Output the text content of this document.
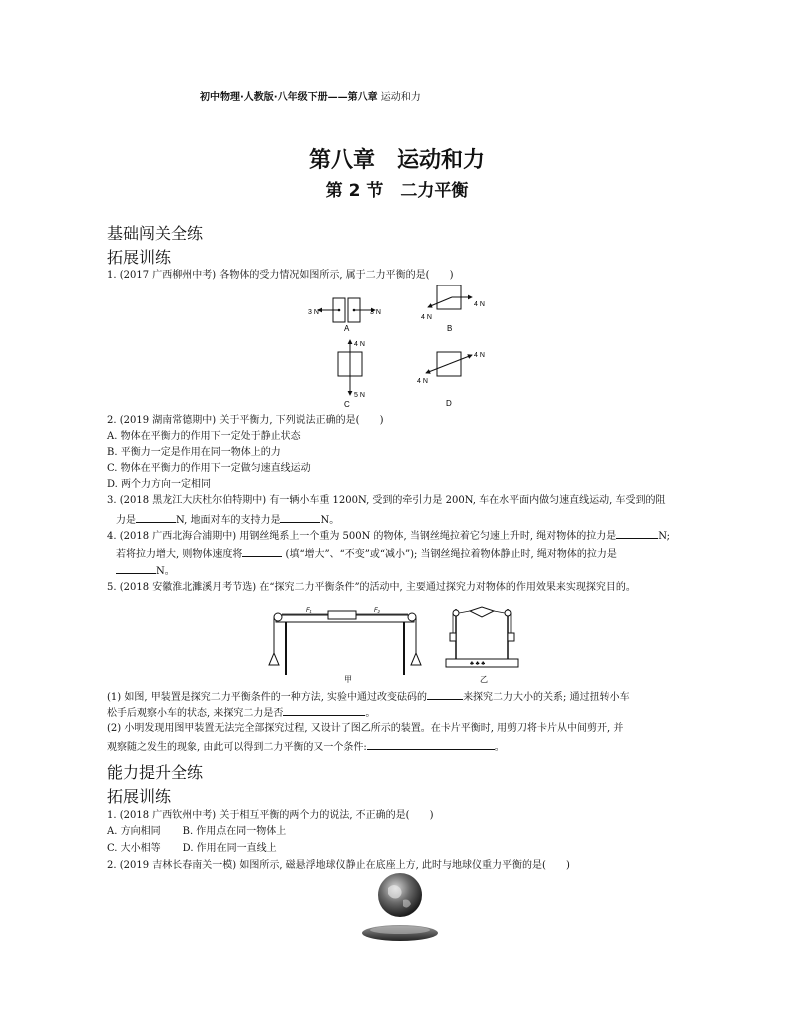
初中物理·人教版·八年级下册——第八章 运动和力
第八章　运动和力
第 2 节　二力平衡
基础闯关全练
拓展训练
1. (2017 广西柳州中考) 各物体的受力情况如图所示, 属于二力平衡的是(　　)
3 N	3 N
A
4 N
4 N
B
4 N
5 N
C
4 N
4 N
D
2. (2019 湖南常德期中) 关于平衡力, 下列说法正确的是(　　)
A. 物体在平衡力的作用下一定处于静止状态
B. 平衡力一定是作用在同一物体上的力
C. 物体在平衡力的作用下一定做匀速直线运动
D. 两个力方向一定相同
3. (2018 黑龙江大庆杜尔伯特期中) 有一辆小车重 1200N, 受到的牵引力是 200N, 车在水平面内做匀速直线运动, 车受到的阻
力是	N, 地面对车的支持力是	N。
4. (2018 广西北海合浦期中) 用钢丝绳系上一个重为 500N 的物体, 当钢丝绳拉着它匀速上升时, 绳对物体的拉力是	N;
若将拉力增大, 则物体速度将	(填“增大”、“不变”或“减小”); 当钢丝绳拉着物体静止时, 绳对物体的拉力是
N。
5. (2018 安徽淮北濉溪月考节选) 在“探究二力平衡条件”的活动中, 主要通过探究力对物体的作用效果来实现探究目的。
F₁	F₂
甲
♣ ♣ ♣
乙
(1) 如图, 甲装置是探究二力平衡条件的一种方法, 实验中通过改变砝码的	来探究二力大小的关系; 通过扭转小车
松手后观察小车的状态, 来探究二力是否	。
(2) 小明发现用图甲装置无法完全部探究过程, 又设计了图乙所示的装置。在卡片平衡时, 用剪刀将卡片从中间剪开, 并
观察随之发生的现象, 由此可以得到二力平衡的又一个条件:	。
能力提升全练
拓展训练
1. (2018 广西钦州中考) 关于相互平衡的两个力的说法, 不正确的是(　　)
A. 方向相同 B. 作用点在同一物体上
C. 大小相等 D. 作用在同一直线上
2. (2019 吉林长春南关一模) 如图所示, 磁悬浮地球仪静止在底座上方, 此时与地球仪重力平衡的是(　　)
